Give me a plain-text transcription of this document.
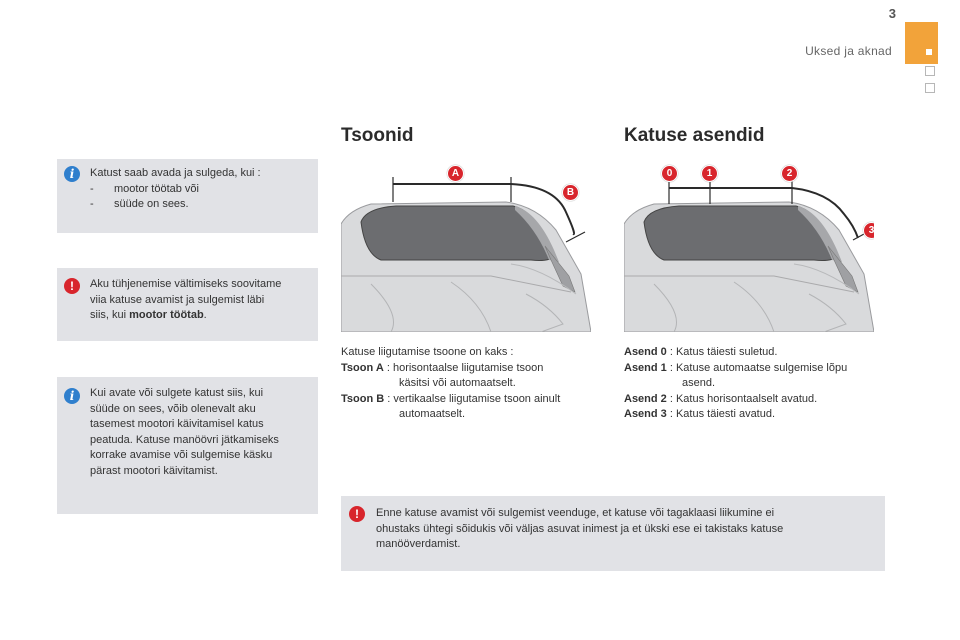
3
Uksed ja aknad
i	Katust saab avada ja sulgeda, kui :

- mootor töötab või
- süüde on sees.
!	Aku tühjenemise vältimiseks soovitame

viia katuse avamist ja sulgemist läbi

siis, kui mootor töötab.

i	Kui avate või sulgete katust siis, kui

süüde on sees, võib olenevalt aku

tasemest mootori käivitamisel katus

peatuda. Katuse manöövri jätkamiseks

korrake avamise või sulgemise käsku

pärast mootori käivitamist.

Tsoonid
A
B

Katuse liigutamise tsoone on kaks :

Tsoon A : horisontaalse liigutamise tsoon
käsitsi või automaatselt.
Tsoon B : vertikaalse liigutamise tsoon ainult
automaatselt.
Katuse asendid
0	1	2
3
Asend 0 : Katus täiesti suletud.
Asend 1 : Katuse automaatse sulgemise lõpu
asend.
Asend 2 : Katus horisontaalselt avatud.
Asend 3 : Katus täiesti avatud.
!	Enne katuse avamist või sulgemist veenduge, et katuse või tagaklaasi liikumine ei

ohustaks ühtegi sõidukis või väljas asuvat inimest ja et ükski ese ei takistaks katuse

manööverdamist.
